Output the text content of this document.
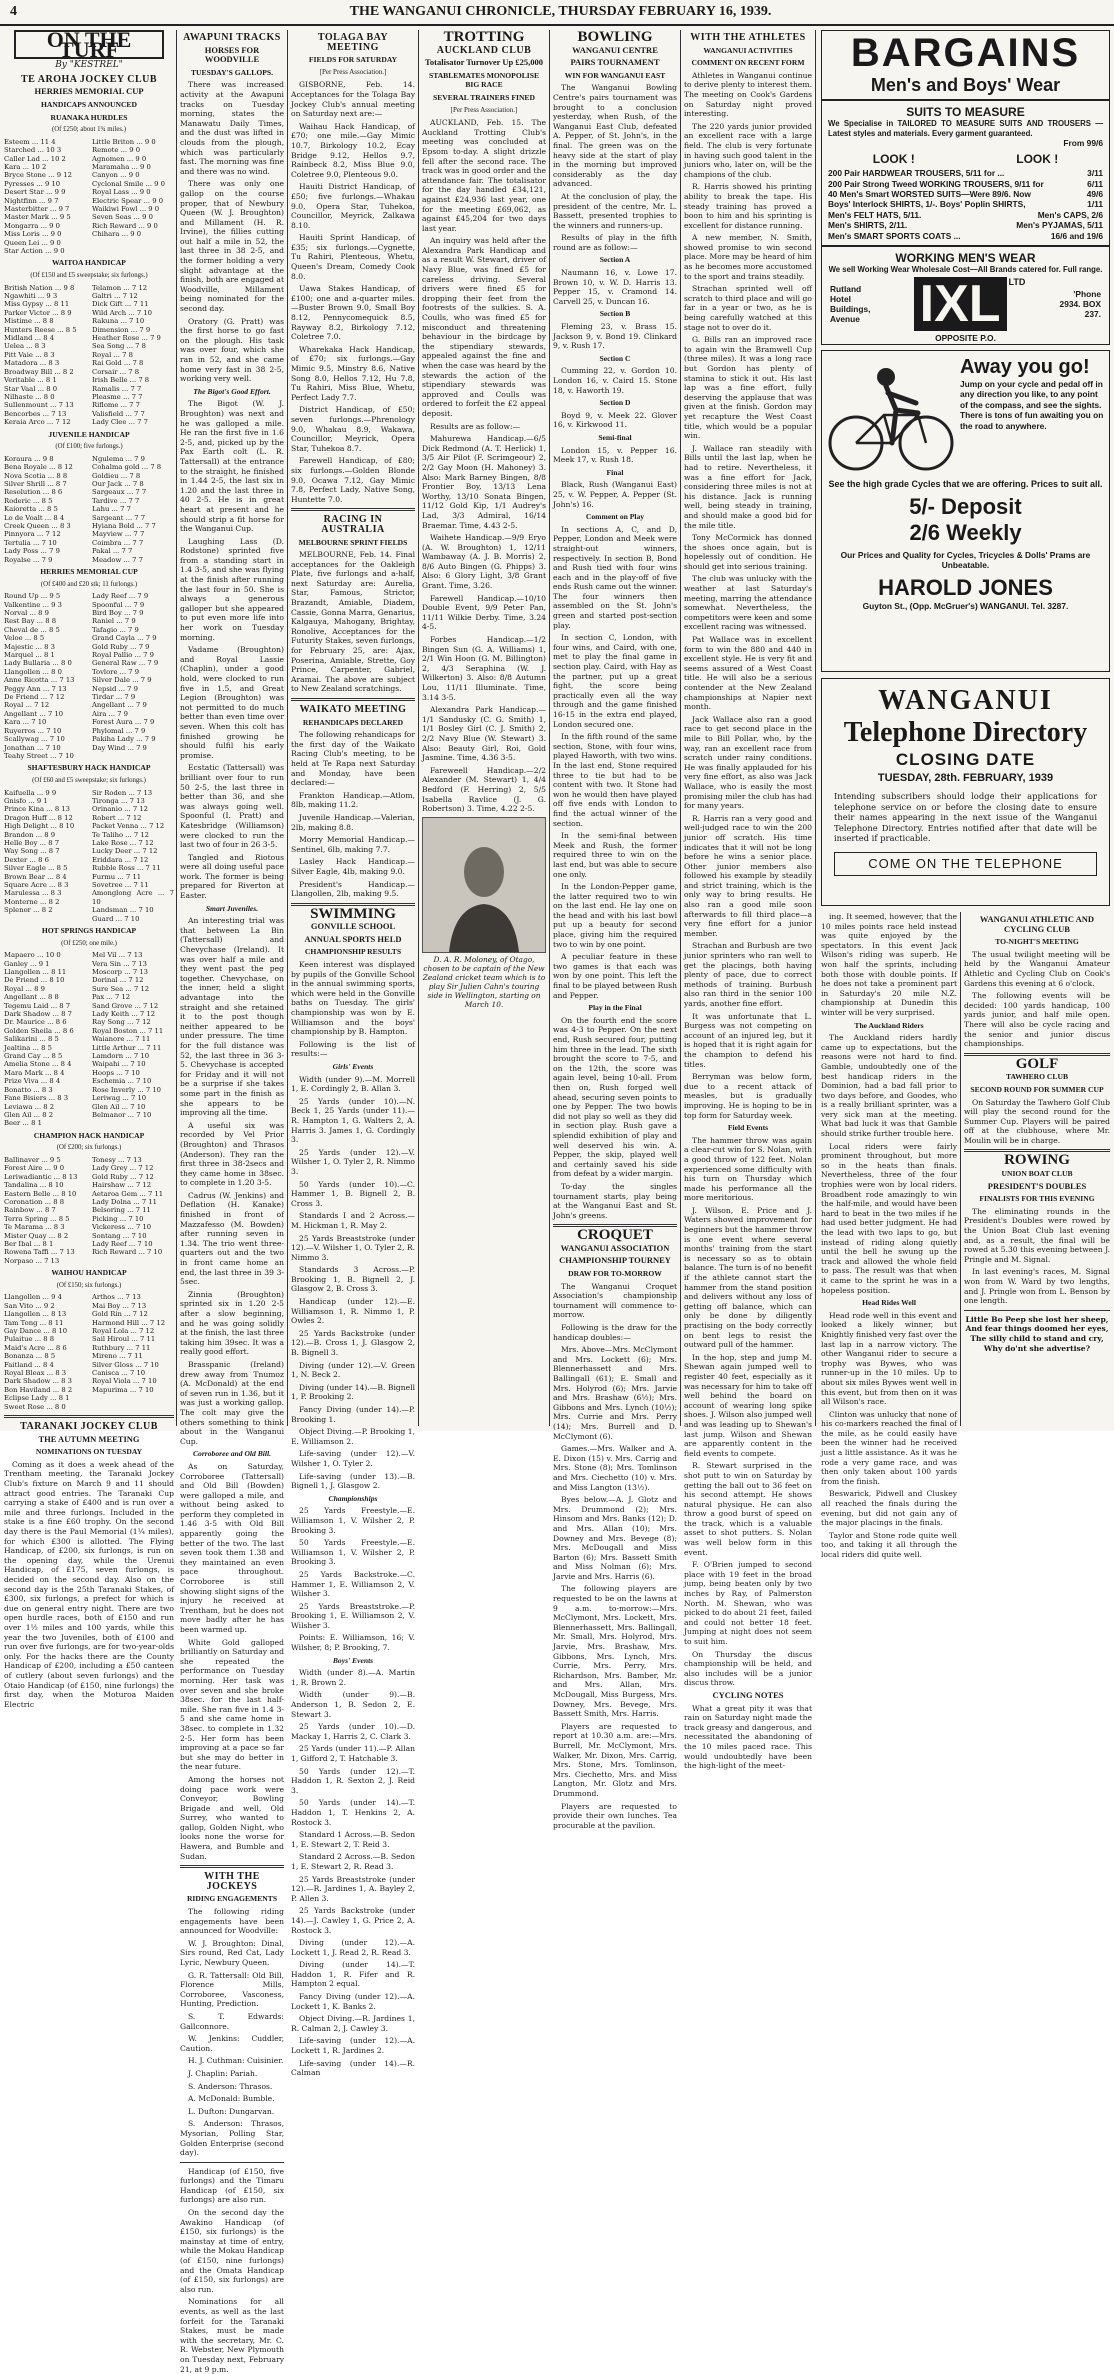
4	THE WANGANUI CHRONICLE, THURSDAY FEBRUARY 16, 1939.
ON THE TURF
By "KESTREL"
TE AROHA JOCKEY CLUB
HERRIES MEMORIAL CUP
HANDICAPS ANNOUNCED
RUANAKA HURDLES
(Of £250; about 1¾ miles.)
Esteem ... 11 4
Starched ... 10 3
Caller Lad ... 10 2
Kara ... 10 2
Bryce Stone ... 9 12
Pyresses ... 9 10
Desert Star ... 9 9
Nightfinn ... 9 7
Masterbitter ... 9 7
Master Mark ... 9 5
Mongarra ... 9 0
Miss Loris ... 9 0
Queen Lei ... 9 0
Star Action ... 9 0
Little Briton ... 9 0
Remote ... 9 0
Agnomen ... 9 0
Maramaha ... 9 0
Canyon ... 9 0
Cyclonal Smile ... 9 0
Royal Lass ... 9 0
Electric Spear ... 9 0
Waikiwi Fowl ... 9 0
Seven Seas ... 9 0
Rich Reward ... 9 0
Chihara ... 9 0
WAITOA HANDICAP
(Of £150 and £5 sweepstake; six furlongs.)
British Nation ... 9 8
Ngawhiti ... 9 3
Miss Gypsy ... 8 11
Parker Victor ... 8 9
Mistime ... 8 8
Hunters Reese ... 8 5
Midland ... 8 4
Uelea ... 8 3
Pitt Vaie ... 8 3
Matadora ... 8 3
Broadway Bill ... 8 2
Veritable ... 8 1
Star Vaal ... 8 0
Nilhaste ... 8 0
Sullenmount ... 7 13
Bencorbes ... 7 13
Keraia Arco ... 7 12
Telamon ... 7 12
Galtri ... 7 12
Dick Gift ... 7 11
Wild Arch ... 7 10
Rakuna ... 7 10
Dimension ... 7 9
Heather Rose ... 7 9
Sea Song ... 7 8
Royal ... 7 8
Rai Gold ... 7 8
Corsair ... 7 8
Irish Belle ... 7 8
Ramalis ... 7 7
Pleasme ... 7 7
Riflome ... 7 7
Valisfield ... 7 7
Lady Clee ... 7 7
JUVENILE HANDICAP
(Of £100; five furlongs.)
Koraura ... 9 8
Bena Royale ... 8 12
Nova Scotia ... 8 8
Silver Shrill ... 8 7
Resolution ... 8 6
Roderic ... 8 5
Kaioretta ... 8 5
Lo de Voalt ... 8 4
Creek Queen ... 8 3
Pinnyora ... 7 12
Tertulia ... 7 10
Lady Poss ... 7 9
Royalse ... 7 9
Ngulema ... 7 9
Cohalma gold ... 7 8
Goldieu ... 7 8
Our Jack ... 7 8
Sargeaux ... 7 7
Tardive ... 7 7
Lahu ... 7 7
Sargeant ... 7 7
Hyiana Bold ... 7 7
Mayview ... 7 7
Coimbra ... 7 7
Pakal ... 7 7
Meadow ... 7 7
HERRIES MEMORIAL CUP
(Of £400 and £20 stk; 11 furlongs.)
Round Up ... 9 5
Valkentine ... 9 3
Norval ... 8 9
Rest Bay ... 8 8
Cheval de ... 8 5
Veloe ... 8 5
Majestic ... 8 3
Marquel ... 8 1
Lady Bullaria ... 8 0
Llangollen ... 8 0
Anne Ricotta ... 7 13
Peggy Ann ... 7 13
De Friend ... 7 12
Royal ... 7 12
Angellant ... 7 10
Kara ... 7 10
Ruyerros ... 7 10
Scallywag ... 7 10
Jonathan ... 7 10
Teahy Street ... 7 10
Lady Reef ... 7 9
Spoonful ... 7 9
Bird Boy ... 7 9
Raniel ... 7 9
Tafagio ... 7 9
Grand Cayla ... 7 9
Gold Ruby ... 7 9
Royal Pallio ... 7 9
General Raw ... 7 9
Tovlore ... 7 9
Silver Dale ... 7 9
Nepsid ... 7 9
Tirdar ... 7 9
Angellant ... 7 9
Aira ... 7 9
Forest Aura ... 7 9
Phylomal ... 7 9
Pakiha Lady ... 7 9
Day Wind ... 7 9
SHAFTESBURY HACK HANDICAP
(Of £60 and £5 sweepstake; six furlongs.)
Kaifuella ... 9 9
Gnisfo ... 9 1
Prince Kina ... 8 13
Dragon Huff ... 8 12
High Delight ... 8 10
Brandon ... 8 9
Helle Boy ... 8 7
Way Song ... 8 7
Dexter ... 8 6
Silver Eagle ... 8 5
Brown Bear ... 8 4
Square Acre ... 8 3
Marulessa ... 8 3
Monterne ... 8 2
Splenor ... 8 2
Sir Roden ... 7 13
Tironga ... 7 13
Orinanio ... 7 12
Robert ... 7 12
Packet Venna ... 7 12
Te Taliho ... 7 12
Lake Rose ... 7 12
Lucky Deer ... 7 12
Eriddara ... 7 12
Rubble Ross ... 7 11
Furmu ... 7 11
Sovetree ... 7 11
Amonglong Acre ... 7 10
Landsman ... 7 10
Guard ... 7 10
HOT SPRINGS HANDICAP
(Of £250; one mile.)
Mapaero ... 10 0
Ganley ... 9 1
Llangollen ... 8 11
De Friend ... 8 10
Royal ... 8 9
Angellant ... 8 8
Tegemu Laid ... 8 7
Dark Shadow ... 8 7
Dr. Maurice ... 8 6
Golden Sheila ... 8 6
Salikarini ... 8 5
Jealtina ... 8 5
Grand Cay ... 8 5
Amelia Stone ... 8 4
Mara Mark ... 8 4
Prize Viva ... 8 4
Bonatto ... 8 3
Fane Bisiers ... 8 3
Leviawa ... 8 2
Glen Ail ... 8 2
Beer ... 8 1
Mel Vil ... 7 13
Vera Sin ... 7 13
Moscorp ... 7 13
Dorinal ... 7 12
Sure Sea ... 7 12
Pax ... 7 12
Sand Grove ... 7 12
Lady Keith ... 7 12
Ray Song ... 7 12
Royal Boston ... 7 11
Waianore ... 7 11
Little Arthur ... 7 11
Lamdorn ... 7 10
Waipahi ... 7 10
Hoops ... 7 10
Eschemia ... 7 10
Rose Inverly ... 7 10
Leriwag ... 7 10
Glen Ail ... 7 10
Belmanor ... 7 10
CHAMPION HACK HANDICAP
(Of £200; six furlongs.)
Ballinaver ... 9 5
Forest Aire ... 9 0
Leriwadiantic ... 8 13
Tandalina ... 8 10
Eastern Belle ... 8 10
Coronation ... 8 8
Rainbow ... 8 7
Terra Spring ... 8 5
Te Marama ... 8 3
Mister Quay ... 8 2
Ber Ibal ... 8 1
Rowena Taffi ... 7 13
Norpaso ... 7 13
Tonesy ... 7 13
Lady Grey ... 7 12
Gold Ruby ... 7 12
Hairshaw ... 7 12
Aetaroa Gem ... 7 11
Lady Dolna ... 7 11
Belsoring ... 7 11
Picking ... 7 10
Vickeress ... 7 10
Sontang ... 7 10
Lady Reef ... 7 10
Rich Reward ... 7 10
WAIHOU HANDICAP
(Of £150; six furlongs.)
Llangollen ... 9 4
San Vito ... 9 2
Llangollen ... 8 13
Tam Tong ... 8 11
Gay Dance ... 8 10
Pulaitue ... 8 8
Maid's Acre ... 8 6
Bonanza ... 8 5
Faitland ... 8 4
Royal Bleax ... 8 3
Dark Shadow ... 8 3
Bon Haviland ... 8 2
Eclipse Lady ... 8 1
Sweet Rose ... 8 0
Arthos ... 7 13
Mai Boy ... 7 13
Gold Rin ... 7 12
Harmond Hill ... 7 12
Royal Lola ... 7 12
Sail Hiroul ... 7 11
Ruthbury ... 7 11
Mireno ... 7 11
Silver Gloss ... 7 10
Canisca ... 7 10
Royal Viola ... 7 10
Mapurima ... 7 10
TARANAKI JOCKEY CLUB
THE AUTUMN MEETING
NOMINATIONS ON TUESDAY

Coming as it does a week ahead of the Trentham meeting, the Taranaki Jockey Club's fixture on March 9 and 11 should attract good entries. The Taranaki Cup carrying a stake of £400 and is run over a mile and three furlongs. Included in the stake is a fine £60 trophy. On the second day there is the Paul Memorial (1¼ miles), for which £300 is allotted. The Flying Handicap, of £200, six furlongs, is run on the opening day, while the Urenui Handicap, of £175, seven furlongs, is decided on the second day. Also on the second day is the 25th Taranaki Stakes, of £300, six furlongs, a prefect for which is due on general entry night. There are two open hurdle races, both of £150 and run over 1½ miles and 100 yards, while this year the two Juveniles, both of £100 and run over five furlongs, are for two-year-olds only. For the hacks there are the County Handicap of £200, including a £50 canteen of cutlery (about seven furlongs) and the Otaio Handicap (of £150, nine furlongs) the first day, when the Moturoa Maiden Electric

AWAPUNI TRACKS
HORSES FOR WOODVILLE
TUESDAY'S GALLOPS.

There was increased activity at the Awapuni tracks on Tuesday morning, states the Manawatu Daily Times, and the dust was lifted in clouds from the plough, which was particularly fast. The morning was fine and there was no wind.

There was only one gallop on the course proper, that of Newbury Queen (W. J. Broughton) and Millament (H. R. Irvine), the fillies cutting out half a mile in 52, the last three in 38 2-5, and the former holding a very slight advantage at the finish, both are engaged at Woodville, Millament being nominated for the second day.

Oratory (G. Pratt) was the first horse to go fast on the plough. His task was over four, which she ran in 52, and she came home very fast in 38 2-5, working very well.

The Bigot's Good Effort.

The Bigot (W. J. Broughton) was next and he was galloped a mile. He ran the first five in 1.6 2-5, and, picked up by the Pax Earth colt (L. R. Tattersall) at the entrance to the straight, he finished in 1.44 2-5, the last six in 1.20 and the last three in 40 2-5. He is in great heart at present and he should strip a fit horse for the Wanganui Cup.

Laughing Lass (D. Rodstone) sprinted five from a standing start in 1.4 3-5, and she was flying at the finish after running the last four in 50. She is always a generous galloper but she appeared to put even more life into her work on Tuesday morning.

Vadame (Broughton) and Royal Lassie (Chaplin), under a good hold, were clocked to run five in 1.5, and Great Legion (Broughton) was not permitted to do much better than even time over seven. When this colt has finished growing he should fulfil his early promise.

Ecstatic (Tattersall) was brilliant over four to run 50 2-5, the last three in better than 36, and she was always going well. Spoonful (I. Pratt) and Katesbridge (Williamson) were clocked to run the last two of four in 26 3-5.

Tangled and Riotous were all doing useful pace work. The former is being prepared for Riverton at Easter.

Smart Juveniles.

An interesting trial was that between La Bin (Tattersall) and Chevychase (Ireland). It was over half a mile and they went past the peg together. Chevychase, on the inner, held a slight advantage into the straight and she retained it to the post though neither appeared to be under pressure. The time for the full distance was 52, the last three in 36 3-5. Chevychase is accepted for Friday and it will not be a surprise if she takes some part in the finish as she appears to be improving all the time.

A useful six was recorded by Vel Prior (Broughton) and Thrasos (Anderson). They ran the first three in 38-2secs and they came home in 38sec. to complete in 1.20 3-5.

Cadrus (W. Jenkins) and Deflation (H. Kanake) finished in front of Mazzafesso (M. Bowden) after running seven in 1.34. The trio went three-quarters out and the two in front came home an end, the last three in 39 3-5sec.

Zinnia (Broughton) sprinted six in 1.20 2-5 after a slow beginning, and he was going solidly at the finish, the last three taking him 39sec. It was a really good effort.

Brasspanic (Ireland) drew away from Tnumoz (A. McDonald) at the end of seven run in 1.36, but it was just a working gallop. The colt may give the others something to think about in the Wanganui Cup.

Corroboree and Old Bill.

As on Saturday, Corroboree (Tattersall) and Old Bill (Bowden) were galloped a mile, and without being asked to perform they completed in 1.46 3-5 with Old Bill apparently going the better of the two. The last seven took them 1.38 and they maintained an even pace throughout. Corroboree is still showing slight signs of the injury he received at Trentham, but he does not move badly after he has been warmed up.

White Gold galloped brilliantly on Saturday and she repeated the performance on Tuesday morning. Her task was over seven and she broke 38sec. for the last half-mile. She ran five in 1.4 3-5 and she came home in 38sec. to complete in 1.32 2-5. Her form has been improving at a pace so far but she may do better in the near future.

Among the horses not doing pace work were Conveyor, Bowling Brigade and well, Old Surrey, who wanted to gallop, Golden Night, who looks none the worse for Hawera, and Bumble and Sudan.

WITH THE JOCKEYS
RIDING ENGAGEMENTS

The following riding engagements have been announced for Woodville:

W. J. Broughton: Dinal, Sirs round, Red Cat, Lady Lyric, Newbury Queen.

G. R. Tattersall: Old Bill, Florence Mills, Corroboree, Vasconess, Hunting, Prediction.

S. T. Edwards: Gallconnore.

W. Jenkins: Cuddler, Caution.

H. J. Cuthman: Cuisinier.

J. Chaplin: Pariah.

S. Anderson: Thrasos.

A. McDonald: Bumble.

L. Dufton: Dungarvan.

S. Anderson: Thrasos, Mysorian, Polling Star, Golden Enterprise (second day).

Handicap (of £150, five furlongs) and the Timaru Handicap (of £150, six furlongs) are also run.

On the second day the Awakino Handicap (of £150, six furlongs) is the mainstay at time of entry, while the Mokau Handicap (of £150, nine furlongs) and the Omata Handicap (of £150, six furlongs) are also run.

Nominations for all events, as well as the last forfeit for the Taranaki Stakes, must be made with the secretary, Mr. C. R. Webster, New Plymouth on Tuesday next, February 21, at 9 p.m.

TOLAGA BAY MEETING
FIELDS FOR SATURDAY
[Per Press Association.]

GISBORNE, Feb. 14. Acceptances for the Tolaga Bay Jockey Club's annual meeting on Saturday next are:—

Waihau Hack Handicap, of £70; one mile.—Gay Mimic 10.7, Birkology 10.2, Ecay Bridge 9.12, Hellos 9.7, Rainbeck 8.2, Miss Blue 9.0, Coletree 9.0, Plenteous 9.0.

Hauiti District Handicap, of £50; five furlongs.—Whakau 9.0, Opera Star, Tuhekoa, Councillor, Meyrick, Zalkawa 8.10.

Hauiti Sprint Handicap, of £35; six furlongs.—Cygnette, Tu Rahiri, Plenteous, Whetu, Queen's Dream, Comedy Cook 8.0.

Uawa Stakes Handicap, of £100; one and a-quarter miles.—Buster Brown 9.0, Small Boy 8.12, Pennycomequick 8.5, Rayway 8.2, Birkology 7.12, Coletree 7.0.

Wharekaka Hack Handicap, of £70; six furlongs.—Gay Mimic 9.5, Minstry 8.6, Native Song 8.0, Hellos 7.12, Hu 7.8, Tu Rahiri, Miss Blue, Whetu, Perfect Lady 7.7.

District Handicap, of £50; seven furlongs.—Phrenology 9.0, Whakau 8.9, Wakawa, Councillor, Meyrick, Opera Star, Tuhekoa 8.7.

Farewell Handicap, of £80; six furlongs.—Golden Blonde 9.0, Ocawa 7.12, Gay Mimic 7.8, Perfect Lady, Native Song, Huntette 7.0.

RACING IN AUSTRALIA
MELBOURNE SPRINT FIELDS

MELBOURNE, Feb. 14. Final acceptances for the Oakleigh Plate, five furlongs and a-half, next Saturday are: Aurelia, Star, Famous, Strictor, Brazandt, Amiable, Diadem, Cassie, Gonna Marra, Genarius, Kalgauya, Mahogany, Brightay, Ronolive, Acceptances for the Futurity Stakes, seven furlongs, for February 25, are: Ajax, Poserina, Amiable, Strette, Goy Prince, Carpenter, Gabriel, Aramai. The above are subject to New Zealand scratchings.

WAIKATO MEETING
REHANDICAPS DECLARED

The following rehandicaps for the first day of the Waikato Racing Club's meeting, to be held at Te Rapa next Saturday and Monday, have been declared:—

Frankton Handicap.—Atlom, 8lb, making 11.2.

Juvenile Handicap.—Valerian, 2lb, making 8.8.

Morry Memorial Handicap.—Sentinel, 6lb, making 7.7.

Lasley Hack Handicap.—Silver Eagle, 4lb, making 9.0.

President's Handicap.—Llangollen, 2lb, making 9.5.

SWIMMING
GONVILLE SCHOOL
ANNUAL SPORTS HELD
CHAMPIONSHIP RESULTS

Keen interest was displayed by pupils of the Gonville School in the annual swimming sports, which were held in the Gonville baths on Tuesday. The girls' championship was won by E. Williamson and the boys' championship by B. Hampton.

Following is the list of results:—

Girls' Events

Width (under 9).—M. Morrell 1, E. Cordingly 2, B. Allan 3.

25 Yards (under 10).—N. Beck 1, 25 Yards (under 11).—R. Hampton 1, G. Walters 2, A. Harris 3. James 1, G. Cordingly 3.

25 Yards (under 12).—V. Wilsher 1, O. Tyler 2, R. Nimmo 3.

50 Yards (under 10).—C. Hammer 1, B. Bignell 2, B. Cross 3.

Standards I and 2 Across.—M. Hickman 1, R. May 2.

25 Yards Breaststroke (under 12).—V. Wilsher 1, O. Tyler 2, R. Nimmo 3.

Standards 3 Across.—P. Brooking 1, B. Bignell 2, J. Glasgow 2, B. Cross 3.

Handicap (under 12).—E. Williamson 1, R. Nimmo 1, P. Owles 2.

25 Yards Backstroke (under 12).—B. Cross 1, J. Glasgow 2, B. Bignell 3.

Diving (under 12).—V. Green 1, N. Beck 2.

Diving (under 14).—B. Bignell 1, P. Brooking 2.

Fancy Diving (under 14).—P. Brooking 1.

Object Diving.—P. Brooking 1, E. Williamson 2.

Life-saving (under 12).—V. Wilsher 1, O. Tyler 2.

Life-saving (under 13).—B. Bignell 1, J. Glasgow 2.

Championships

25 Yards Freestyle.—E. Williamson 1, V. Wilsher 2, P. Brooking 3.

50 Yards Freestyle.—E. Williamson 1, V. Wilsher 2, P. Brooking 3.

25 Yards Backstroke.—C. Hammer 1, E. Williamson 2, V. Wilsher 3.

25 Yards Breaststroke.—P. Brooking 1, E. Williamson 2, V. Wilsher 3.

Points: E. Williamson, 16; V. Wilsher, 8; P. Brooking, 7.

Boys' Events

Width (under 8).—A. Martin 1, R. Brown 2.

Width (under 9).—B. Anderson 1, B. Sedon 2, E. Stewart 3.

25 Yards (under 10).—D. Mackay 1, Harris 2, C. Clark 3.

25 Yards (under 11).—P. Allan 1, Gifford 2, T. Hatchable 3.

50 Yards (under 12).—T. Haddon 1, R. Sexton 2, J. Reid 3.

50 Yards (under 14).—T. Haddon 1, T. Henkins 2, A. Rostock 3.

Standard 1 Across.—B. Sedon 1, E. Stewart 2, T. Reid 3.

Standard 2 Across.—B. Sedon 1, E. Stewart 2, R. Read 3.

25 Yards Breaststroke (under 12).—R. Jardines 1, A. Bayley 2, P. Allen 3.

25 Yards Backstroke (under 14).—J. Cawley 1, G. Price 2, A. Rostock 3.

Diving (under 12).—A. Lockett 1, J. Read 2, R. Read 3.

Diving (under 14).—T. Haddon 1, R. Fifer and R. Hampton 2 equal.

Fancy Diving (under 12).—A. Lockett 1, K. Banks 2.

Object Diving.—R. Jardines 1, R. Calman 2, J. Cawley 3.

Life-saving (under 12).—A. Lockett 1, R. Jardines 2.

Life-saving (under 14).—R. Calman

TROTTING
AUCKLAND CLUB
Totalisator Turnover Up £25,000
STABLEMATES MONOPOLISE BIG RACE
SEVERAL TRAINERS FINED
[Per Press Association.]

AUCKLAND, Feb. 15. The Auckland Trotting Club's meeting was concluded at Epsom to-day. A slight drizzle fell after the second race. The track was in good order and the attendance fair. The totalisator for the day handled £34,121, against £24,936 last year, one for the meeting £69,062, as against £45,204 for two days last year.

An inquiry was held after the Alexandra Park Handicap and as a result W. Stewart, driver of Navy Blue, was fined £5 for careless driving. Several drivers were fined £5 for dropping their feet from the footrests of the sulkies. S. A. Coulls, who was fined £5 for misconduct and threatening behaviour in the birdcage by the stipendiary stewards, appealed against the fine and when the case was heard by the stewards the action of the stipendiary stewards was approved and Coulls was ordered to forfeit the £2 appeal deposit.

Results are as follow:—

Mahurewa Handicap.—6/5 Dick Redmond (A. T. Herlick) 1, 3/5 Air Pilot (F. Scrimgeour) 2, 2/2 Gay Moon (H. Mahoney) 3. Also: Mark Barney Bingen, 8/8 Frontier Boy, 13/13 Lena Worthy, 13/10 Sonata Bingen, 11/12 Gold Kip, 1/1 Audrey's Lad, 3/3 Admiral, 16/14 Braemar. Time, 4.43 2-5.

Waihete Handicap.—9/9 Eryo (A. W. Broughton) 1, 12/11 Wambaway (A. J. B. Morris) 2, 8/6 Auto Bingen (G. Phipps) 3. Also: 6 Glory Light, 3/8 Grant Grant. Time, 3.26.

Farewell Handicap.—10/10 Double Event, 9/9 Peter Pan, 11/11 Wilkie Derby. Time, 3.24 4-5.

Forbes Handicap.—1/2 Bingen Sun (G. A. Williams) 1, 2/1 Win Hoon (G. M. Billington) 2, 4/3 Seraphina (W. J. Wilkerton) 3. Also: 8/8 Autumn Lou, 11/11 Illuminate. Time, 3.14 3-5.

Alexandra Park Handicap.—1/1 Sandusky (C. G. Smith) 1, 1/1 Bosley Girl (C. J. Smith) 2, 2/2 Navy Blue (W. Stewart) 3. Also: Beauty Girl, Roi, Gold Jasmine. Time, 4.36 3-5.

Fareweell Handicap.—2/2 Alexander (M. Stewart) 1, 4/4 Bedford (F. Herring) 2, 5/5 Isabella Ravlice (J. G. Robertson) 3. Time, 4.22 2-5.

D. A. R. Moloney, of Otago, chosen to be captain of the New Zealand cricket team which is to play Sir Julien Cahn's touring side in Wellington, starting on March 10.
BOWLING
WANGANUI CENTRE
PAIRS TOURNAMENT
WIN FOR WANGANUI EAST

The Wanganui Bowling Centre's pairs tournament was brought to a conclusion yesterday, when Rush, of the Wanganui East Club, defeated A. Pepper, of St. John's, in the final. The green was on the heavy side at the start of play in the morning but improved considerably as the day advanced.

At the conclusion of play, the president of the centre, Mr. L. Bassett, presented trophies to the winners and runners-up.

Results of play in the fifth round are as follow:—

Section A

Naumann 16, v. Lowe 17. Brown 10, v. W. D. Harris 13. Pepper 15, v. Cramond 14. Carvell 25, v. Duncan 16.

Section B

Fleming 23, v. Brass 15. Jackson 9, v. Bond 19. Clinkard 9, v. Rush 17.

Section C

Cumming 22, v. Gordon 10. London 16, v. Caird 15. Stone 18, v. Haworth 19.

Section D

Boyd 9, v. Meek 22. Glover 16, v. Kirkwood 11.

Semi-final

London 15, v. Pepper 16. Meek 17, v. Rush 18.

Final

Black, Rush (Wanganui East) 25, v. W. Pepper, A. Pepper (St. John's) 16.

Comment on Play

In sections A, C, and D, Pepper, London and Meek were straight-out winners, respectively. In section B, Bond and Rush tied with four wins each and in the play-off of five ends Rush came out the winner. The four winners then assembled on the St. John's green and started post-section play.

In section C, London, with four wins, and Caird, with one, met to play the final game in section play. Caird, with Hay as the partner, put up a great fight, the score being practically even all the way through and the game finished 16-15 in the extra end played, London secured one.

In the fifth round of the same section, Stone, with four wins, played Haworth, with two wins. In the last end, Stone required three to tie but had to be content with two. It Stone had won he would then have played off five ends with London to find the actual winner of the section.

In the semi-final between Meek and Rush, the former required three to win on the last end, but was able to secure one only.

In the London-Pepper game, the latter required two to win on the last end. He lay one on the head and with his last bowl put up a beauty for second place, giving him the required two to win by one point.

A peculiar feature in these two games is that each was won by one point. This left the final to be played between Rush and Pepper.

Play in the Final

On the fourth end the score was 4-3 to Pepper. On the next end, Rush secured four, putting him three in the lead. The sixth brought the score to 7-5, and on the 12th, the score was again level, being 10-all. From then on, Rush forged well ahead, securing seven points to one by Pepper. The two bowls did not play so well as they did in section play. Rush gave a splendid exhibition of play and well deserved his win. A. Pepper, the skip, played well and certainly saved his side from defeat by a wider margin.

To-day the singles tournament starts, play being at the Wanganui East and St. John's greens.

CROQUET
WANGANUI ASSOCIATION
CHAMPIONSHIP TOURNEY
DRAW FOR TO-MORROW

The Wanganui Croquet Association's championship tournament will commence to-morrow.

Following is the draw for the handicap doubles:—

Mrs. Above—Mrs. McClymont and Mrs. Lockett (6); Mrs. Blennerhassett and Mrs. Ballingall (61); E. Small and Mrs. Holyrod (6); Mrs. Jarvie and Mrs. Brashaw (6½); Mrs. Gibbons and Mrs. Lynch (10½); Mrs. Currie and Mrs. Perry (14); Mrs. Burrell and D. McClymont (6).

Games.—Mrs. Walker and A. E. Dixon (15) v. Mrs. Carrig and Mrs. Stone (8); Mrs. Tomlinson and Mrs. Ciechetto (10) v. Mrs. and Miss Langton (13½).

Byes below.—A. J. Glotz and Mrs. Drummond (2); Mrs. Hinsom and Mrs. Banks (12); D. and Mrs. Allan (10); Mrs. Downey and Mrs. Bevege (8); Mrs. McDougall and Miss Barton (6); Mrs. Bassett Smith and Miss Nolman (6); Mrs. Jarvie and Mrs. Harris (6).

The following players are requested to be on the lawns at 9 a.m. to-morrow:—Mrs. McClymont, Mrs. Lockett, Mrs. Blennerhassett, Mrs. Ballingall, Mr. Small, Mrs. Holyrod, Mrs. Jarvie, Mrs. Brashaw, Mrs. Gibbons, Mrs. Lynch, Mrs. Currie, Mrs. Perry, Mrs. Richardson, Mrs. Bamber, Mr. and Mrs. Allan, Mrs. McDougall, Miss Burgess, Mrs. Downey, Mrs. Bevege, Mrs. Bassett Smith, Mrs. Harris.

Players are requested to report at 10.30 a.m. are:—Mrs. Burrell, Mr. McClymont, Mrs. Walker, Mr. Dixon, Mrs. Carrig, Mrs. Stone, Mrs. Tomlinson, Mrs. Ciechetto, Mrs. and Miss Langton, Mr. Glotz and Mrs. Drummond.

Players are requested to provide their own lunches. Tea procurable at the pavilion.

WITH THE ATHLETES
WANGANUI ACTIVITIES
COMMENT ON RECENT FORM

Athletes in Wanganui continue to derive plenty to interest them. The meeting on Cook's Gardens on Saturday night proved interesting.

The 220 yards junior provided an excellent race with a large field. The club is very fortunate in having such good talent in the juniors who, later on, will be the champions of the club.

R. Harris showed his printing ability to break the tape. His steady training has proved a boon to him and his sprinting is excellent for distance running.

A new member, N. Smith, showed promise to win second place. More may be heard of him as he becomes more accustomed to the sport and trains steadily.

Strachan sprinted well off scratch to third place and will go far in a year or two, as he is being carefully watched at this stage not to over do it.

G. Bills ran an improved race to again win the Bramwell Cup (three miles). It was a long race but Gordon has plenty of stamina to stick it out. His last lap was a fine effort, fully deserving the applause that was given at the finish. Gordon may yet recapture the West Coast title, which would be a popular win.

J. Wallace ran steadily with Bills until the last lap, when he had to retire. Nevertheless, it was a fine effort for Jack, considering three miles is not at his distance. Jack is running well, being steady in training, and should make a good bid for the mile title.

Tony McCormick has donned the shoes once again, but is hopelessly out of condition. He should get into serious training.

The club was unlucky with the weather at last Saturday's meeting, marring the attendance somewhat. Nevertheless, the competitors were keen and some excellent racing was witnessed.

Pat Wallace was in excellent form to win the 880 and 440 in excellent style. He is very fit and seems assured of a West Coast title. He will also be a serious contender at the New Zealand championships at Napier next month.

Jack Wallace also ran a good race to get second place in the mile to Bill Pollar, who, by the way, ran an excellent race from scratch under rainy conditions. He was finally applauded for his very fine effort, as also was Jack Wallace, who is easily the most promising miler the club has had for many years.

R. Harris ran a very good and well-judged race to win the 200 junior off scratch. His time indicates that it will not be long before he wins a senior place. Other junior members also followed his example by steadily and strict training, which is the only way to bring results. He also ran a good mile soon afterwards to fill third place—a very fine effort for a junior member.

Strachan and Burbush are two junior sprinters who ran well to get the placings, both having plenty of pace, due to correct methods of training. Burbush also ran third in the senior 100 yards, another fine effort.

It was unfortunate that L. Burgess was not competing on account of an injured leg, but it is hoped that it is right again for the champion to defend his titles.

Berryman was below form, due to a recent attack of measles, but is gradually improving. He is hoping to be in top form for Saturday week.

Field Events

The hammer throw was again a clear-cut win for S. Nolan, with a good throw of 122 feet. Nolan experienced some difficulty with his turn on Thursday which made his performance all the more meritorious.

J. Wilson, E. Price and J. Waters showed improvement for beginners but the hammer throw is one event where several months' training from the start is necessary so as to obtain balance. The turn is of no benefit if the athlete cannot start the hammer from the stand position and delivers without any loss of getting off balance, which can only be done by diligently practising on the body correctly on bent legs to resist the outward pull of the hammer.

In the hop, step and jump M. Shewan again jumped well to register 40 feet, especially as it was necessary for him to take off well behind the board on account of wearing long spike shoes. J. Wilson also jumped well and was leading up to Shewan's last jump. Wilson and Shewan are apparently content in the field events to compete.

R. Stewart surprised in the shot putt to win on Saturday by getting the ball out to 36 feet on his second attempt. He shows natural physique. He can also throw a good burst of speed on the track, which is a valuable asset to shot putters. S. Nolan was well below form in this event.

F. O'Brien jumped to second place with 19 feet in the broad jump, being beaten only by two inches by Ray, of Palmerston North. M. Shewan, who was picked to do about 21 feet, failed and could not better 18 feet. Jumping at night does not seem to suit him.

On Thursday the discus championship will be held, and also includes will be a junior discus throw.

CYCLING NOTES

What a great pity it was that rain on Saturday night made the track greasy and dangerous, and necessitated the abandoning of the 10 miles paced race. This would undoubtedly have been the high-light of the meet-

BARGAINS
Men's and Boys' Wear
SUITS TO MEASURE
We Specialise in TAILORED TO MEASURE SUITS AND TROUSERS — Latest styles and materials. Every garment guaranteed.
From 99/6
LOOK !	LOOK !
200 Pair HARDWEAR TROUSERS, 5/11 for ...	3/11
200 Pair Strong Tweed WORKING TROUSERS, 9/11 for	6/11
40 Men's Smart WORSTED SUITS—Were 89/6. Now	49/6
Boys' Interlock SHIRTS, 1/-. Boys' Poplin SHIRTS,	1/11
Men's FELT HATS, 5/11.	Men's CAPS, 2/6
Men's SHIRTS, 2/11.	Men's PYJAMAS, 5/11
Men's SMART SPORTS COATS ...	16/6 and 19/6
WORKING MEN'S WEAR
We sell Working Wear Wholesale Cost—All Brands catered for. Full range.
Rutland Hotel Buildings, Avenue	IXL LTD
'Phone 2934. BOX 237.
OPPOSITE P.O.
Away you go!
Jump on your cycle and pedal off in any direction you like, to any point of the compass, and see the sights. There is tons of fun awaiting you on the road to anywhere.
See the high grade Cycles that we are offering. Prices to suit all.
5/- Deposit
2/6 Weekly
Our Prices and Quality for Cycles, Tricycles & Dolls' Prams are Unbeatable.
HAROLD JONES
Guyton St., (Opp. McGruer's) WANGANUI. Tel. 3287.
WANGANUI
Telephone Directory
CLOSING DATE
TUESDAY, 28th. FEBRUARY, 1939
Intending subscribers should lodge their applications for telephone service on or before the closing date to ensure their names appearing in the next issue of the Wanganui Telephone Directory. Entries notified after that date will be inserted if practicable.
COME ON THE TELEPHONE

ing. It seemed, however, that the 10 miles points race held instead was quite enjoyed by the spectators. In this event Jack Wilson's riding was superb. He won half the sprints, including both those with double points. If he does not take a prominent part in Saturday's 20 mile N.Z. championship at Dunedin this winter will be very surprised.

The Auckland Riders

The Auckland riders hardly came up to expectations, but the reasons were not hard to find. Gamble, undoubtedly one of the best handicap riders in the Dominion, had a bad fall prior to two days before, and Goodes, who is a really brilliant sprinter, was a very sick man at the meeting. What bad luck it was that Gamble should strike further trouble here.

Local riders were fairly prominent throughout, but more so in the heats than finals. Nevertheless, three of the four trophies were won by local riders. Broadbent rode amazingly to win the half-mile, and would have been hard to beat in the two miles if he had used better judgment. He had the lead with two laps to go, but instead of riding along quietly until the bell he swung up the track and allowed the whole field to pass. The result was that when it came to the sprint he was in a hopeless position.

Head Rides Well

Head rode well in this event and looked a likely winner, but Knightly finished very fast over the last lap in a narrow victory. The other Wanganui rider to secure a trophy was Bywes, who was runner-up in the 10 miles. Up to about six miles Bywes went well in this event, but from then on it was all Wilson's race.

Clinton was unlucky that none of his co-markers reached the final of the mile, as he could easily have been the winner had he received just a little assistance. As it was he rode a very game race, and was then only taken about 100 yards from the finish.

Beswarick, Pidwell and Cluskey all reached the finals during the evening, but did not gain any of the major placings in the finals.

Taylor and Stone rode quite well too, and taking it all through the local riders did quite well.

WANGANUI ATHLETIC AND CYCLING CLUB
TO-NIGHT'S MEETING

The usual twilight meeting will be held by the Wanganui Amateur Athletic and Cycling Club on Cook's Gardens this evening at 6 o'clock.

The following events will be decided: 100 yards handicap, 100 yards junior, and half mile open. There will also be cycle racing and the senior and junior discus championships.

GOLF
TAWHERO CLUB
SECOND ROUND FOR SUMMER CUP

On Saturday the Tawhero Golf Club will play the second round for the Summer Cup. Players will be paired off at the clubhouse, where Mr. Moulin will be in charge.

ROWING
UNION BOAT CLUB
PRESIDENT'S DOUBLES
FINALISTS FOR THIS EVENING

The eliminating rounds in the President's Doubles were rowed by the Union Boat Club last evening and, as a result, the final will be rowed at 5.30 this evening between J. Pringle and M. Signal.

In last evening's races, M. Signal won from W. Ward by two lengths, and J. Pringle won from L. Benson by one length.

Little Bo Peep she lost her sheep, And fear things doomed her eyes, The silly child to stand and cry, Why do'nt she advertise?
